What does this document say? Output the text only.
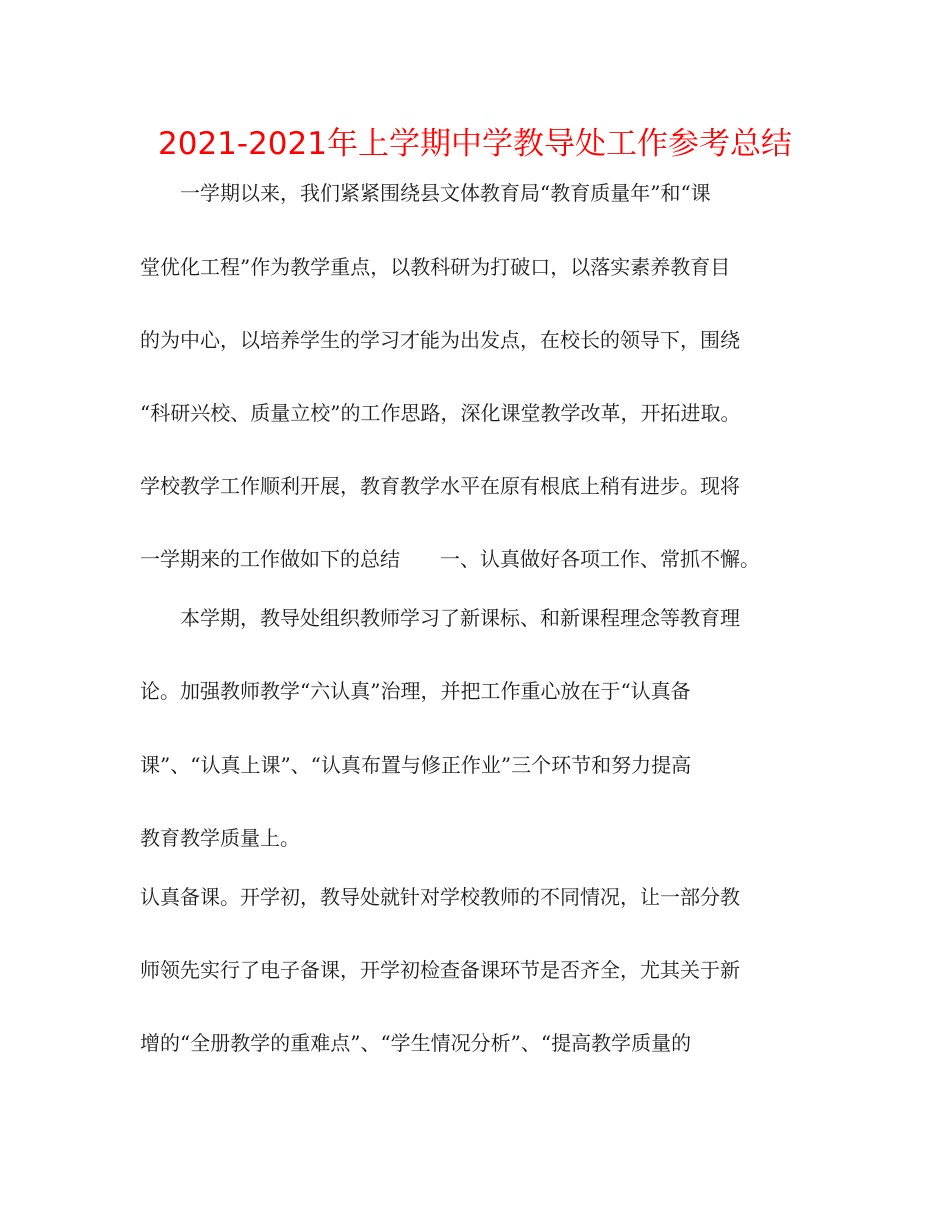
2021-2021年上学期中学教导处工作参考总结
　　一学期以来，我们紧紧围绕县文体教育局“教育质量年”和“课
堂优化工程”作为教学重点，以教科研为打破口，以落实素养教育目
的为中心，以培养学生的学习才能为出发点，在校长的领导下，围绕
“科研兴校、质量立校”的工作思路，深化课堂教学改革，开拓进取。
学校教学工作顺利开展，教育教学水平在原有根底上稍有进步。现将
一学期来的工作做如下的总结　　一、认真做好各项工作、常抓不懈。
　　本学期，教导处组织教师学习了新课标、和新课程理念等教育理
论。加强教师教学“六认真”治理，并把工作重心放在于“认真备
课”、“认真上课”、“认真布置与修正作业”三个环节和努力提高
教育教学质量上。
认真备课。开学初，教导处就针对学校教师的不同情况，让一部分教
师领先实行了电子备课，开学初检查备课环节是否齐全，尤其关于新
增的“全册教学的重难点”、“学生情况分析”、“提高教学质量的
